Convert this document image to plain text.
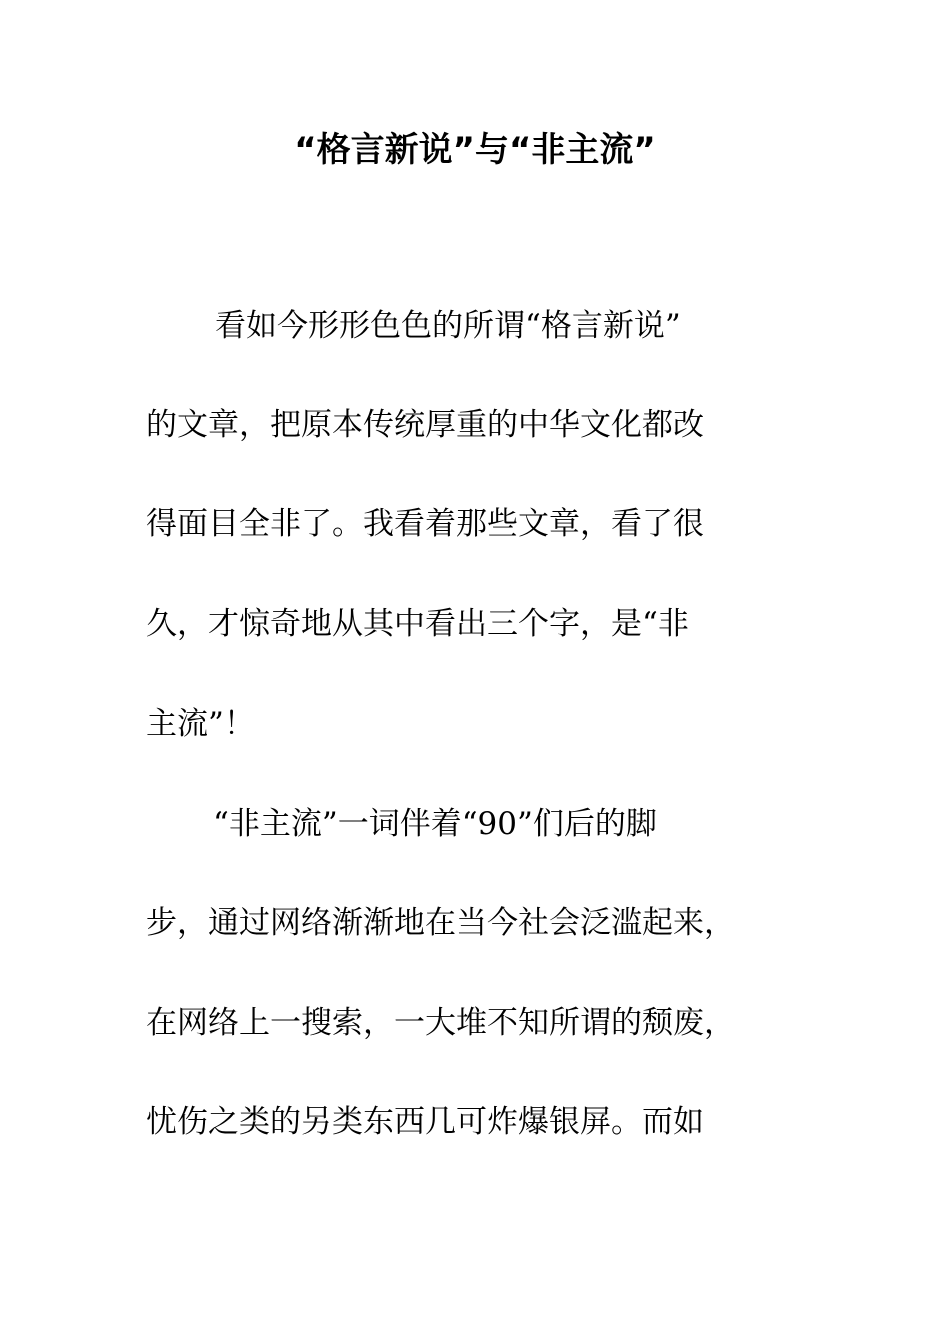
“格言新说”与“非主流”
看如今形形色色的所谓“格言新说”
的文章，把原本传统厚重的中华文化都改
得面目全非了。我看着那些文章，看了很
久，才惊奇地从其中看出三个字，是“非
主流”！
“非主流”一词伴着“90”们后的脚
步，通过网络渐渐地在当今社会泛滥起来，
在网络上一搜索，一大堆不知所谓的颓废，
忧伤之类的另类东西几可炸爆银屏。而如
